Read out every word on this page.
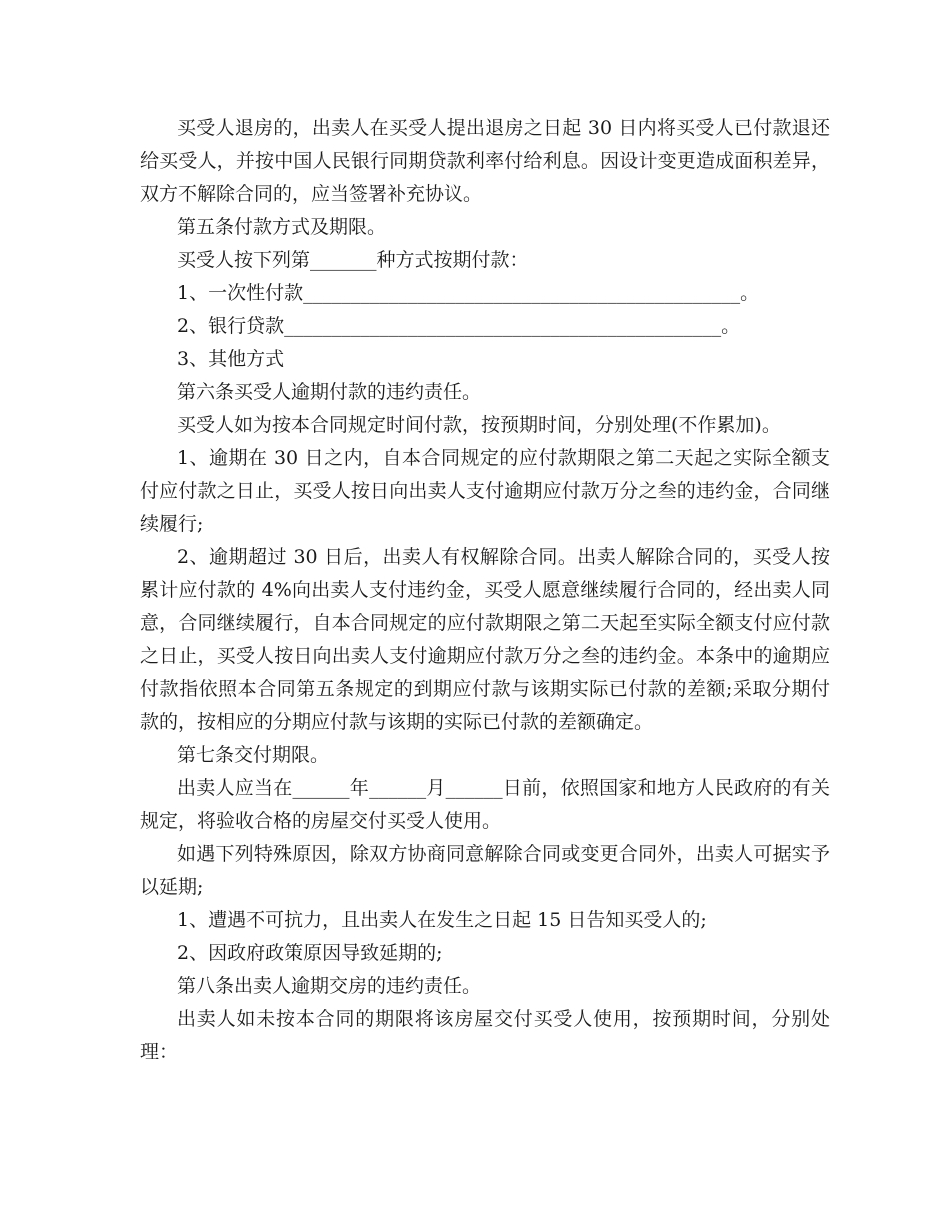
买受人退房的，出卖人在买受人提出退房之日起 30 日内将买受人已付款退还给买受人，并按中国人民银行同期贷款利率付给利息。因设计变更造成面积差异，双方不解除合同的，应当签署补充协议。

第五条付款方式及期限。

买受人按下列第_______种方式按期付款：

1、一次性付款______________________________________________。

2、银行贷款______________________________________________。

3、其他方式

第六条买受人逾期付款的违约责任。

买受人如为按本合同规定时间付款，按预期时间，分别处理(不作累加)。

1、逾期在 30 日之内，自本合同规定的应付款期限之第二天起之实际全额支付应付款之日止，买受人按日向出卖人支付逾期应付款万分之叁的违约金，合同继续履行;

2、逾期超过 30 日后，出卖人有权解除合同。出卖人解除合同的，买受人按累计应付款的 4%向出卖人支付违约金，买受人愿意继续履行合同的，经出卖人同意，合同继续履行，自本合同规定的应付款期限之第二天起至实际全额支付应付款之日止，买受人按日向出卖人支付逾期应付款万分之叁的违约金。本条中的逾期应付款指依照本合同第五条规定的到期应付款与该期实际已付款的差额;采取分期付款的，按相应的分期应付款与该期的实际已付款的差额确定。

第七条交付期限。

出卖人应当在______年______月______日前，依照国家和地方人民政府的有关规定，将验收合格的房屋交付买受人使用。

如遇下列特殊原因，除双方协商同意解除合同或变更合同外，出卖人可据实予以延期;

1、遭遇不可抗力，且出卖人在发生之日起 15 日告知买受人的;

2、因政府政策原因导致延期的;

第八条出卖人逾期交房的违约责任。

出卖人如未按本合同的期限将该房屋交付买受人使用，按预期时间，分别处理：
